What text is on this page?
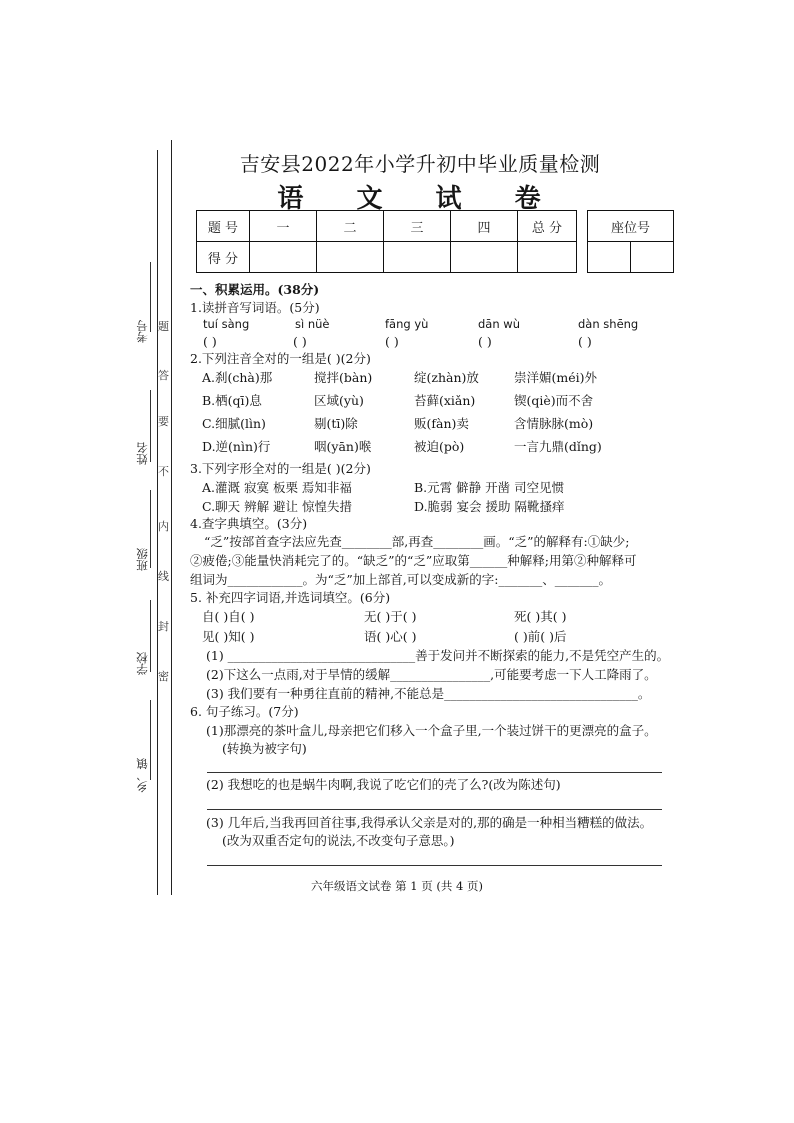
考号
姓名
班级
学校
乡、镇
题
答
要
不
内
线
封
密
吉安县2022年小学升初中毕业质量检测
语 文 试 卷
题 号	一	二	三	四	总 分
得 分					
座位号

一、积累运用。(38分)
1.读拼音写词语。(5分)
tuí sàng	sì nüè	fāng yù	dān wù	dàn shēng
( )	( )	( )	( )	( )
2.下列注音全对的一组是( )(2分)
A.刹(chà)那	搅拌(bàn)	绽(zhàn)放	崇洋媚(méi)外
B.栖(qī)息	区域(yù)	苔藓(xiǎn)	锲(qiè)而不舍
C.细腻(lìn)	剔(tī)除	贩(fàn)卖	含情脉脉(mò)
D.逆(nìn)行	咽(yān)喉	被迫(pò)	一言九鼎(dǐng)
3.下列字形全对的一组是( )(2分)
A.灌溉 寂寞 板栗 焉知非福	B.元霄 僻静 开凿 司空见惯
C.聊天 辨解 避让 惊惶失措	D.脆弱 宴会 援助 隔靴搔痒
4.查字典填空。(3分)
“乏”按部首查字法应先查________部,再查________画。“乏”的解释有:①缺少;
②疲倦;③能量快消耗完了的。“缺乏”的“乏”应取第______种解释;用第②种解释可
组词为____________。为“乏”加上部首,可以变成新的字:_______、_______。
5. 补充四字词语,并选词填空。(6分)
自( )自( )	无( )于( )	死( )其( )
见( )知( )	语( )心( )	( )前( )后
(1) ______________________________善于发问并不断探索的能力,不是凭空产生的。
(2)下这么一点雨,对于旱情的缓解________________,可能要考虑一下人工降雨了。
(3) 我们要有一种勇往直前的精神,不能总是_______________________________。
6. 句子练习。(7分)
(1)那漂亮的茶叶盒儿,母亲把它们移入一个盒子里,一个装过饼干的更漂亮的盒子。
(转换为被字句)
(2) 我想吃的也是蜗牛肉啊,我说了吃它们的壳了么?(改为陈述句)
(3) 几年后,当我再回首往事,我得承认父亲是对的,那的确是一种相当糟糕的做法。
(改为双重否定句的说法,不改变句子意思。)
六年级语文试卷 第 1 页 (共 4 页)
